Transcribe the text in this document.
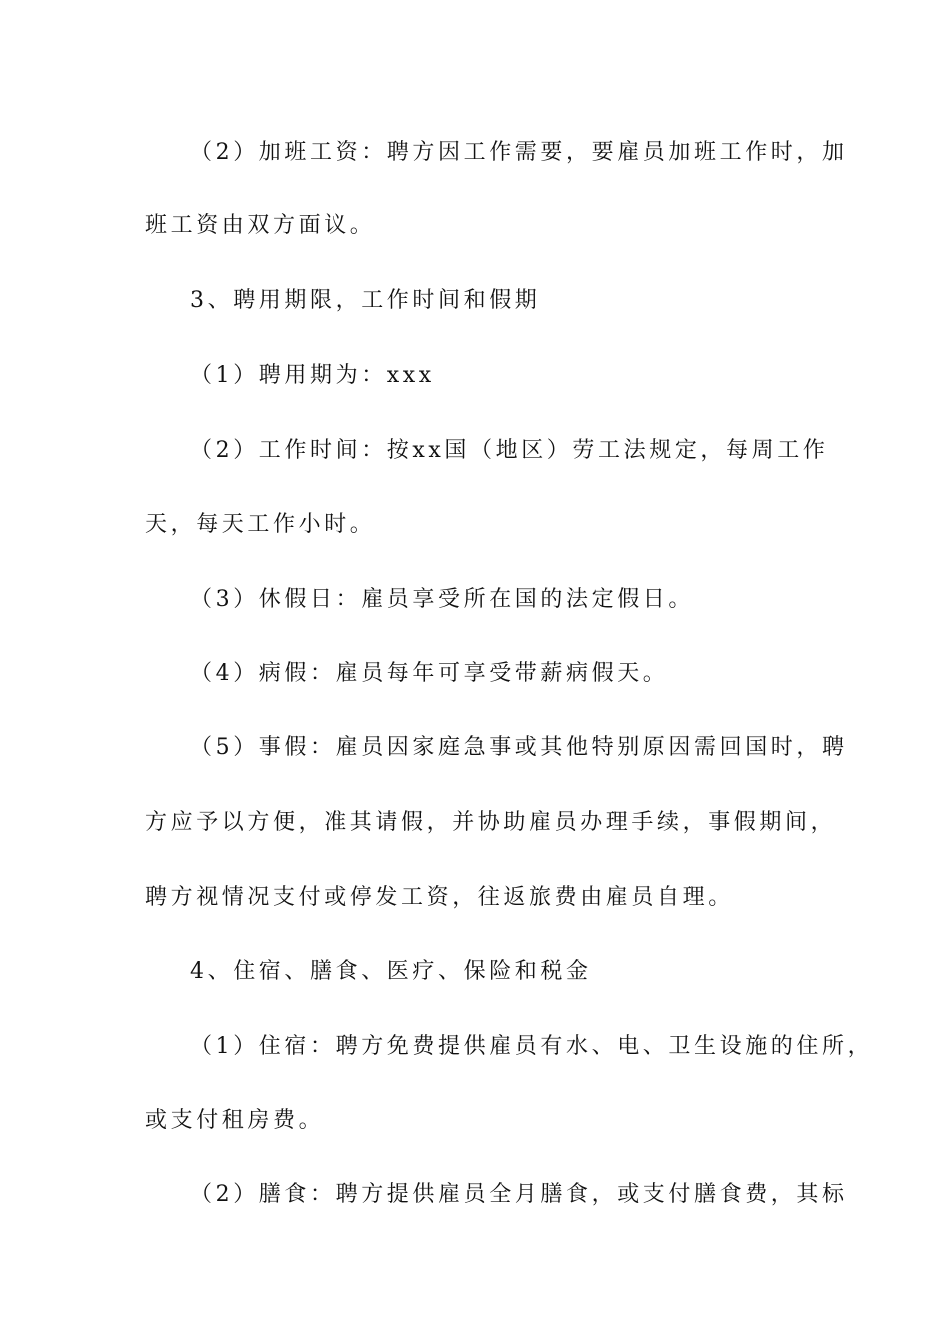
（2）加班工资：聘方因工作需要，要雇员加班工作时，加
班工资由双方面议。
3、聘用期限，工作时间和假期
（1）聘用期为：xxx
（2）工作时间：按xx国（地区）劳工法规定，每周工作
天，每天工作小时。
（3）休假日：雇员享受所在国的法定假日。
（4）病假：雇员每年可享受带薪病假天。
（5）事假：雇员因家庭急事或其他特别原因需回国时，聘
方应予以方便，准其请假，并协助雇员办理手续，事假期间，
聘方视情况支付或停发工资，往返旅费由雇员自理。
4、住宿、膳食、医疗、保险和税金
（1）住宿：聘方免费提供雇员有水、电、卫生设施的住所，
或支付租房费。
（2）膳食：聘方提供雇员全月膳食，或支付膳食费，其标
